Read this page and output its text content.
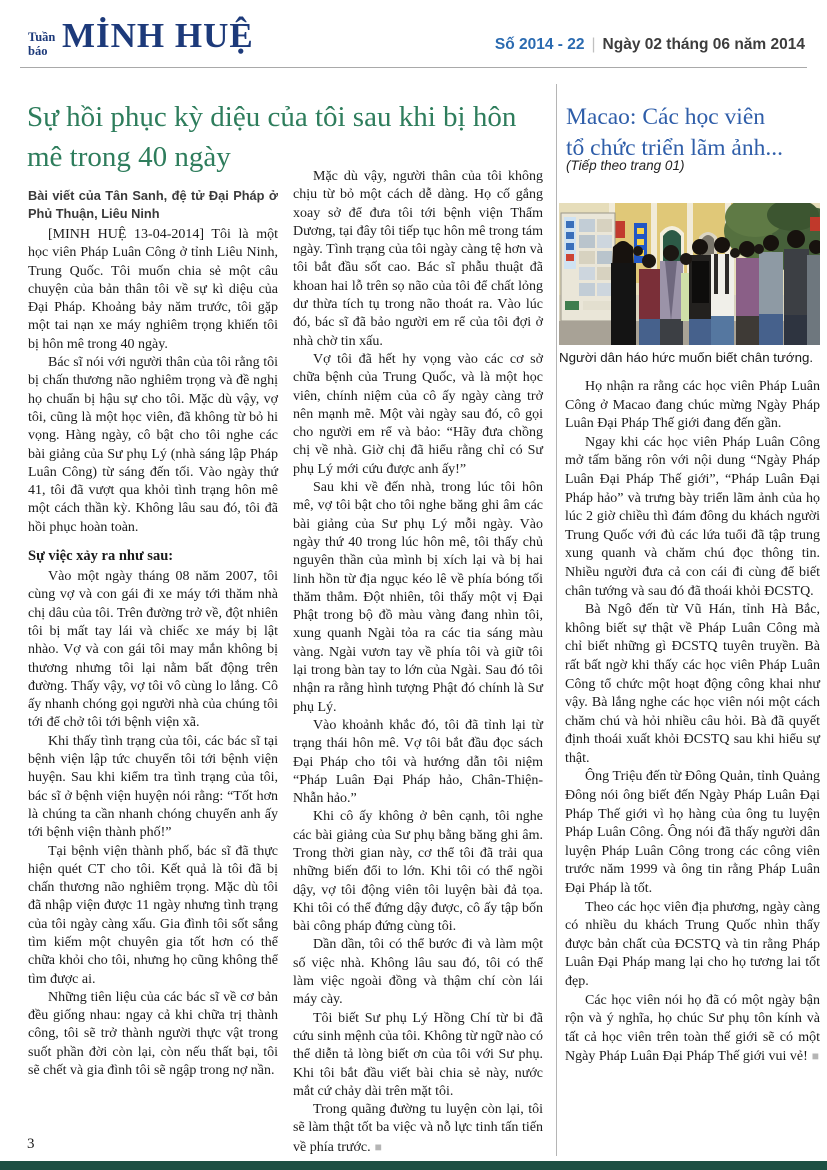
Tuần
báo MİNH HUỆ	Số 2014 - 22 | Ngày 02 tháng 06 năm 2014
Sự hồi phục kỳ diệu của tôi sau khi bị hôn mê trong 40 ngày
Bài viết của Tân Sanh, đệ tử Đại Pháp ở Phủ Thuận, Liêu Ninh

[MINH HUỆ 13-04-2014] Tôi là một học viên Pháp Luân Công ở tỉnh Liêu Ninh, Trung Quốc. Tôi muốn chia sẻ một câu chuyện của bản thân tôi về sự kì diệu của Đại Pháp. Khoảng bảy năm trước, tôi gặp một tai nạn xe máy nghiêm trọng khiến tôi bị hôn mê trong 40 ngày.

Bác sĩ nói với người thân của tôi rằng tôi bị chấn thương não nghiêm trọng và đề nghị họ chuẩn bị hậu sự cho tôi. Mặc dù vậy, vợ tôi, cũng là một học viên, đã không từ bỏ hi vọng. Hàng ngày, cô bật cho tôi nghe các bài giảng của Sư phụ Lý (nhà sáng lập Pháp Luân Công) từ sáng đến tối. Vào ngày thứ 41, tôi đã vượt qua khỏi tình trạng hôn mê một cách thần kỳ. Không lâu sau đó, tôi đã hồi phục hoàn toàn.

Sự việc xảy ra như sau:

Vào một ngày tháng 08 năm 2007, tôi cùng vợ và con gái đi xe máy tới thăm nhà chị dâu của tôi. Trên đường trở về, đột nhiên tôi bị mất tay lái và chiếc xe máy bị lật nhào. Vợ và con gái tôi may mắn không bị thương nhưng tôi lại nằm bất động trên đường. Thấy vậy, vợ tôi vô cùng lo lắng. Cô ấy nhanh chóng gọi người nhà của chúng tôi tới để chở tôi tới bệnh viện xã.

Khi thấy tình trạng của tôi, các bác sĩ tại bệnh viện lập tức chuyển tôi tới bệnh viện huyện. Sau khi kiểm tra tình trạng của tôi, bác sĩ ở bệnh viện huyện nói rằng: “Tốt hơn là chúng ta cần nhanh chóng chuyển anh ấy tới bệnh viện thành phố!”

Tại bệnh viện thành phố, bác sĩ đã thực hiện quét CT cho tôi. Kết quả là tôi đã bị chấn thương não nghiêm trọng. Mặc dù tôi đã nhập viện được 11 ngày nhưng tình trạng của tôi ngày càng xấu. Gia đình tôi sốt sắng tìm kiếm một chuyên gia tốt hơn có thể chữa khỏi cho tôi, nhưng họ cũng không thể tìm được ai.

Những tiên liệu của các bác sĩ về cơ bản đều giống nhau: ngay cả khi chữa trị thành công, tôi sẽ trở thành người thực vật trong suốt phần đời còn lại, còn nếu thất bại, tôi sẽ chết và gia đình tôi sẽ ngập trong nợ nần.

Mặc dù vậy, người thân của tôi không chịu từ bỏ một cách dễ dàng. Họ cố gắng xoay sở để đưa tôi tới bệnh viện Thẩm Dương, tại đây tôi tiếp tục hôn mê trong tám ngày. Tình trạng của tôi ngày càng tệ hơn và tôi bắt đầu sốt cao. Bác sĩ phẫu thuật đã khoan hai lỗ trên sọ não của tôi để chất lỏng dư thừa tích tụ trong não thoát ra. Vào lúc đó, bác sĩ đã bảo người em rể của tôi đợi ở nhà chờ tin xấu.

Vợ tôi đã hết hy vọng vào các cơ sở chữa bệnh của Trung Quốc, và là một học viên, chính niệm của cô ấy ngày càng trở nên mạnh mẽ. Một vài ngày sau đó, cô gọi cho người em rể và bảo: “Hãy đưa chồng chị về nhà. Giờ chị đã hiểu rằng chỉ có Sư phụ Lý mới cứu được anh ấy!”

Sau khi về đến nhà, trong lúc tôi hôn mê, vợ tôi bật cho tôi nghe băng ghi âm các bài giảng của Sư phụ Lý mỗi ngày. Vào ngày thứ 40 trong lúc hôn mê, tôi thấy chủ nguyên thần của mình bị xích lại và bị hai linh hồn từ địa ngục kéo lê về phía bóng tối thăm thẳm. Đột nhiên, tôi thấy một vị Đại Phật trong bộ đồ màu vàng đang nhìn tôi, xung quanh Ngài tỏa ra các tia sáng màu vàng. Ngài vươn tay về phía tôi và giữ tôi lại trong bàn tay to lớn của Ngài. Sau đó tôi nhận ra rằng hình tượng Phật đó chính là Sư phụ Lý.

Vào khoảnh khắc đó, tôi đã tỉnh lại từ trạng thái hôn mê. Vợ tôi bắt đầu đọc sách Đại Pháp cho tôi và hướng dẫn tôi niệm “Pháp Luân Đại Pháp hảo, Chân-Thiện-Nhẫn hảo.”

Khi cô ấy không ở bên cạnh, tôi nghe các bài giảng của Sư phụ bằng băng ghi âm. Trong thời gian này, cơ thể tôi đã trải qua những biến đổi to lớn. Khi tôi có thể ngồi dậy, vợ tôi động viên tôi luyện bài đả tọa. Khi tôi có thể đứng dậy được, cô ấy tập bốn bài công pháp đứng cùng tôi.

Dần dần, tôi có thể bước đi và làm một số việc nhà. Không lâu sau đó, tôi có thể làm việc ngoài đồng và thậm chí còn lái máy cày.

Tôi biết Sư phụ Lý Hồng Chí từ bi đã cứu sinh mệnh của tôi. Không từ ngữ nào có thể diễn tả lòng biết ơn của tôi với Sư phụ. Khi tôi bắt đầu viết bài chia sẻ này, nước mắt cứ chảy dài trên mặt tôi.

Trong quãng đường tu luyện còn lại, tôi sẽ làm thật tốt ba việc và nỗ lực tinh tấn tiến về phía trước. ■

Macao: Các học viên
tổ chức triển lãm ảnh...
(Tiếp theo trang 01)
Người dân háo hức muốn biết chân tướng.

Họ nhận ra rằng các học viên Pháp Luân Công ở Macao đang chúc mừng Ngày Pháp Luân Đại Pháp Thế giới đang đến gần.

Ngay khi các học viên Pháp Luân Công mở tấm băng rôn với nội dung “Ngày Pháp Luân Đại Pháp Thế giới”, “Pháp Luân Đại Pháp hảo” và trưng bày triển lãm ảnh của họ lúc 2 giờ chiều thì đám đông du khách người Trung Quốc với đủ các lứa tuổi đã tập trung xung quanh và chăm chú đọc thông tin. Nhiều người đưa cả con cái đi cùng để biết chân tướng và sau đó đã thoái khỏi ĐCSTQ.

Bà Ngô đến từ Vũ Hán, tỉnh Hà Bắc, không biết sự thật về Pháp Luân Công mà chỉ biết những gì ĐCSTQ tuyên truyền. Bà rất bất ngờ khi thấy các học viên Pháp Luân Công tổ chức một hoạt động công khai như vậy. Bà lắng nghe các học viên nói một cách chăm chú và hỏi nhiều câu hỏi. Bà đã quyết định thoái xuất khỏi ĐCSTQ sau khi hiểu sự thật.

Ông Triệu đến từ Đông Quản, tỉnh Quảng Đông nói ông biết đến Ngày Pháp Luân Đại Pháp Thế giới vì họ hàng của ông tu luyện Pháp Luân Công. Ông nói đã thấy người dân luyện Pháp Luân Công trong các công viên trước năm 1999 và ông tin rằng Pháp Luân Đại Pháp là tốt.

Theo các học viên địa phương, ngày càng có nhiều du khách Trung Quốc nhìn thấy được bản chất của ĐCSTQ và tin rằng Pháp Luân Đại Pháp mang lại cho họ tương lai tốt đẹp.

Các học viên nói họ đã có một ngày bận rộn và ý nghĩa, họ chúc Sư phụ tôn kính và tất cả học viên trên toàn thế giới sẽ có một Ngày Pháp Luân Đại Pháp Thế giới vui vẻ! ■

3
